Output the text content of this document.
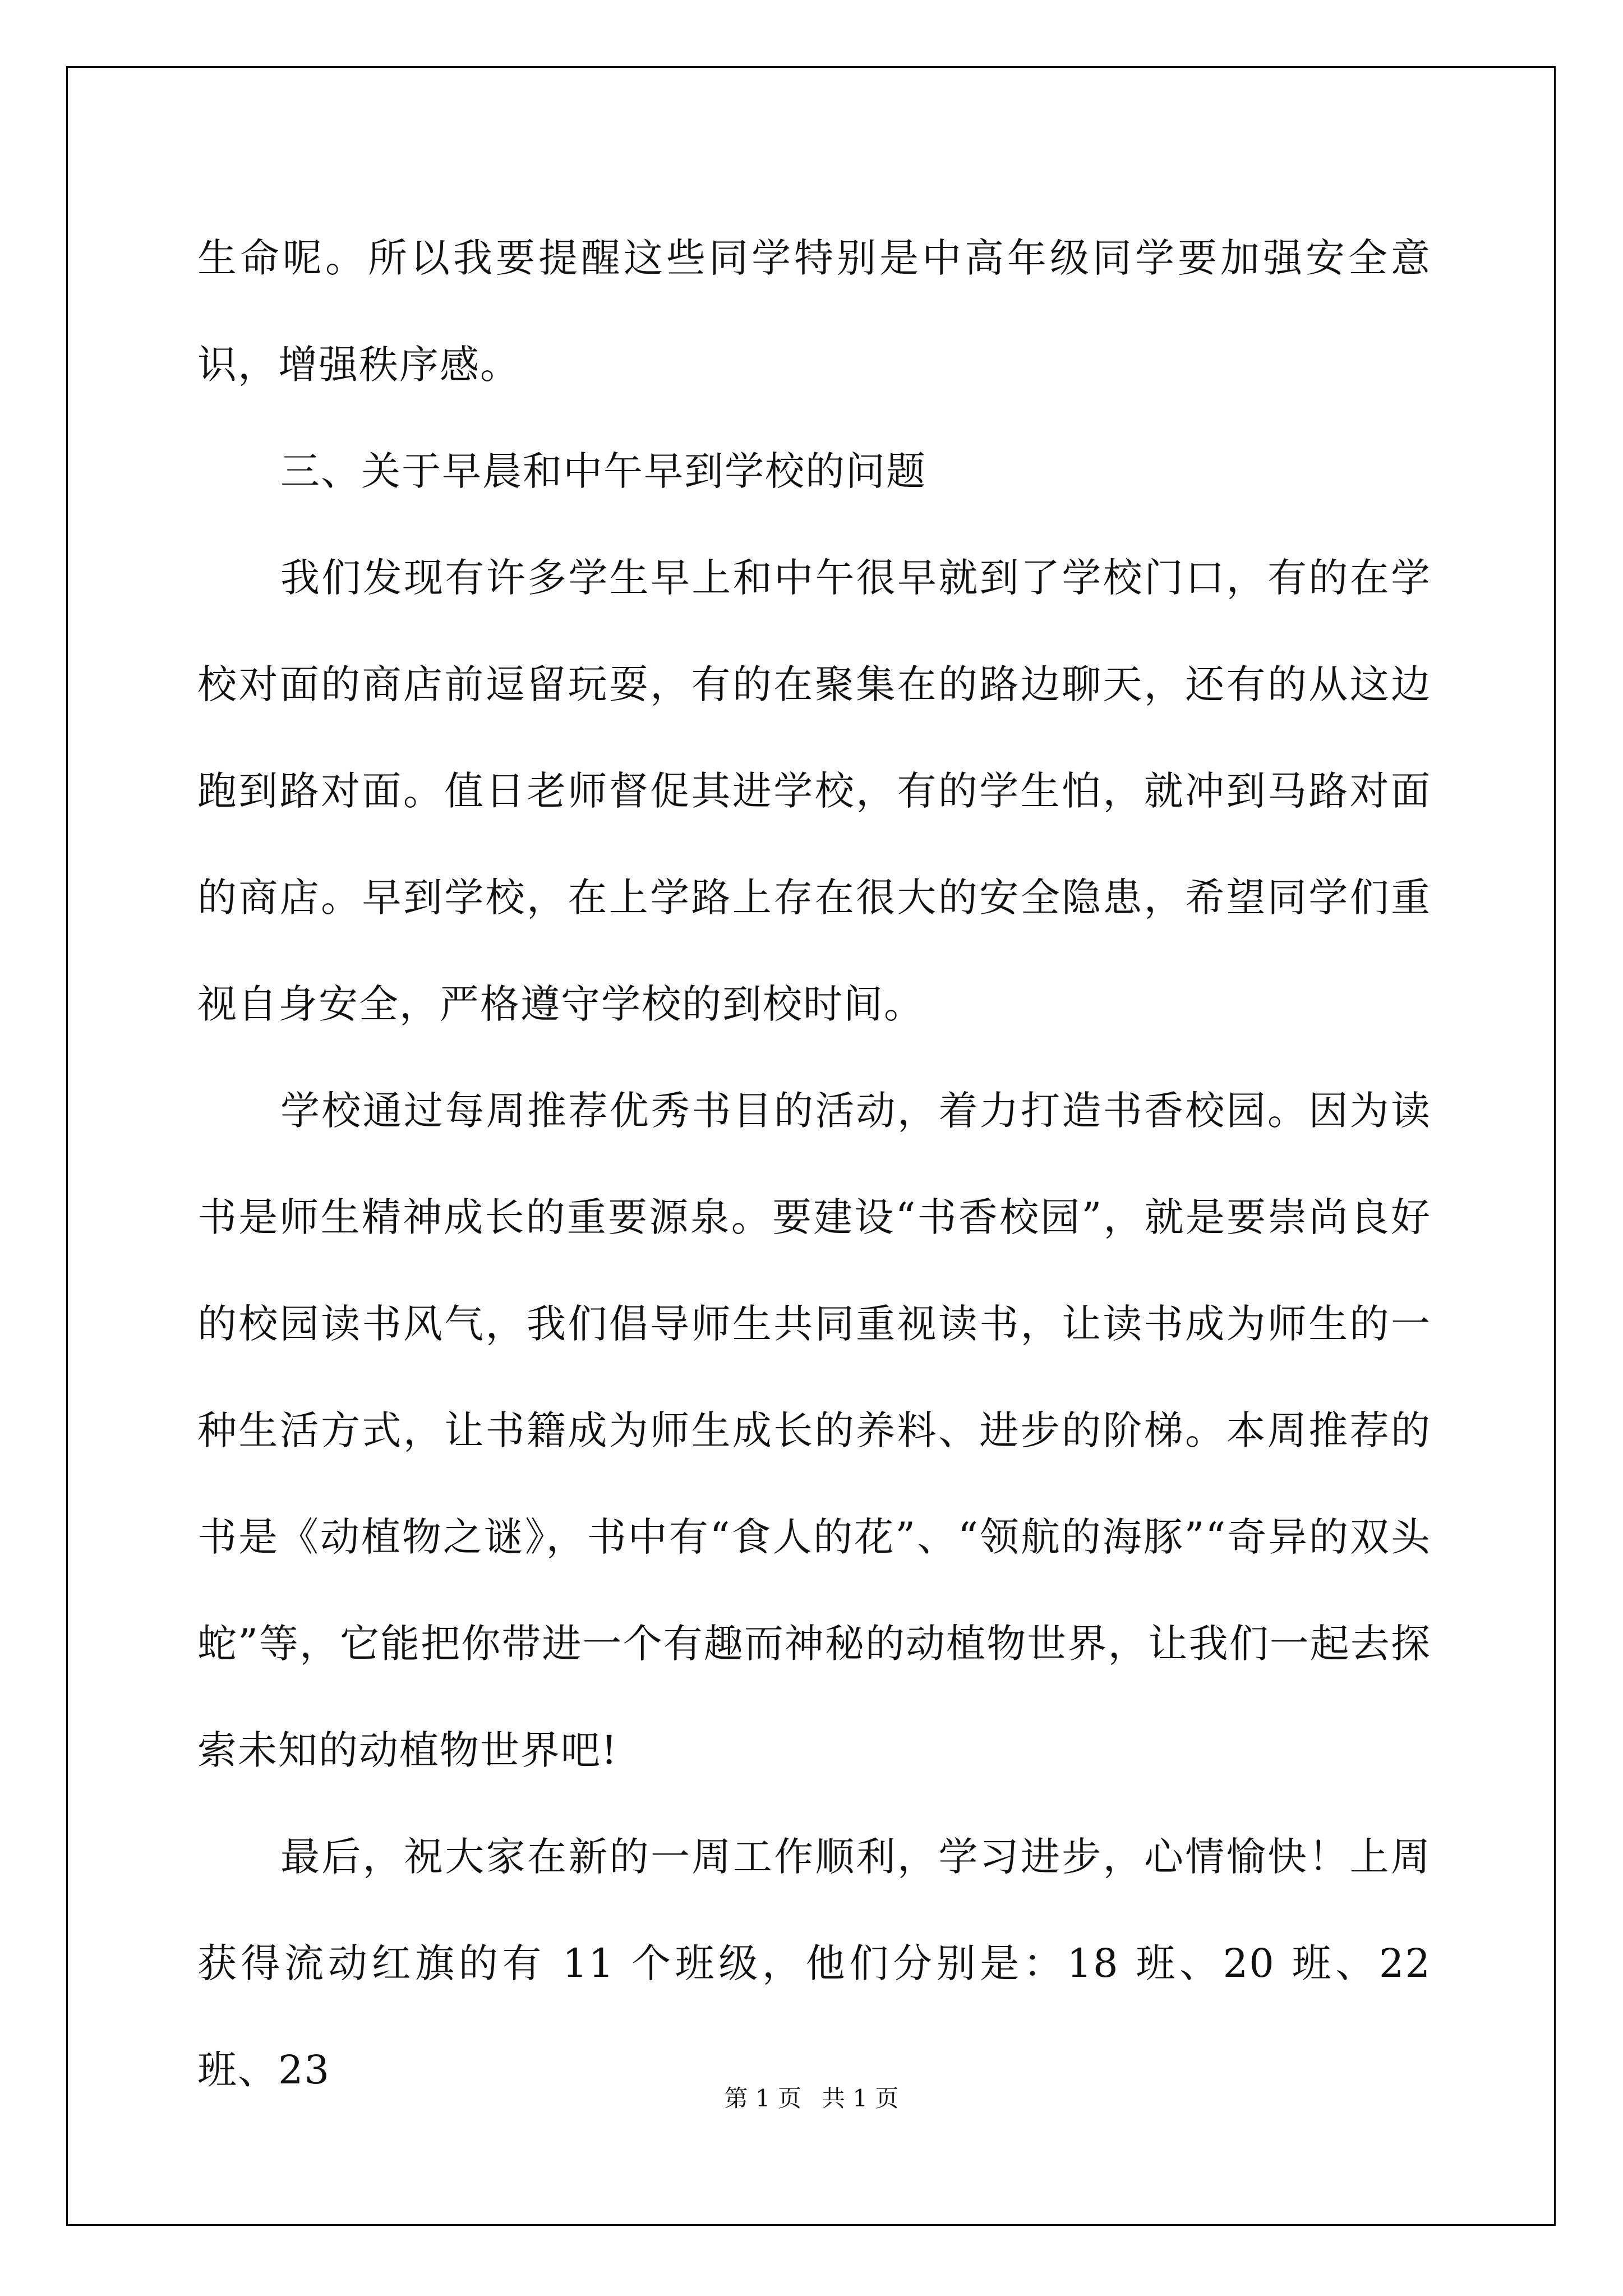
生命呢。所以我要提醒这些同学特别是中高年级同学要加强安全意识，增强秩序感。

三、关于早晨和中午早到学校的问题

我们发现有许多学生早上和中午很早就到了学校门口，有的在学校对面的商店前逗留玩耍，有的在聚集在的路边聊天，还有的从这边跑到路对面。值日老师督促其进学校，有的学生怕，就冲到马路对面的商店。早到学校，在上学路上存在很大的安全隐患，希望同学们重视自身安全，严格遵守学校的到校时间。

学校通过每周推荐优秀书目的活动，着力打造书香校园。因为读书是师生精神成长的重要源泉。要建设“书香校园”，就是要崇尚良好的校园读书风气，我们倡导师生共同重视读书，让读书成为师生的一种生活方式，让书籍成为师生成长的养料、进步的阶梯。本周推荐的书是《动植物之谜》，书中有“食人的花”、“领航的海豚”“奇异的双头蛇”等，它能把你带进一个有趣而神秘的动植物世界，让我们一起去探索未知的动植物世界吧!

最后，祝大家在新的一周工作顺利，学习进步，心情愉快！上周获得流动红旗的有 11 个班级，他们分别是：18 班、20 班、22 班、23

第 1 页 共 1 页
